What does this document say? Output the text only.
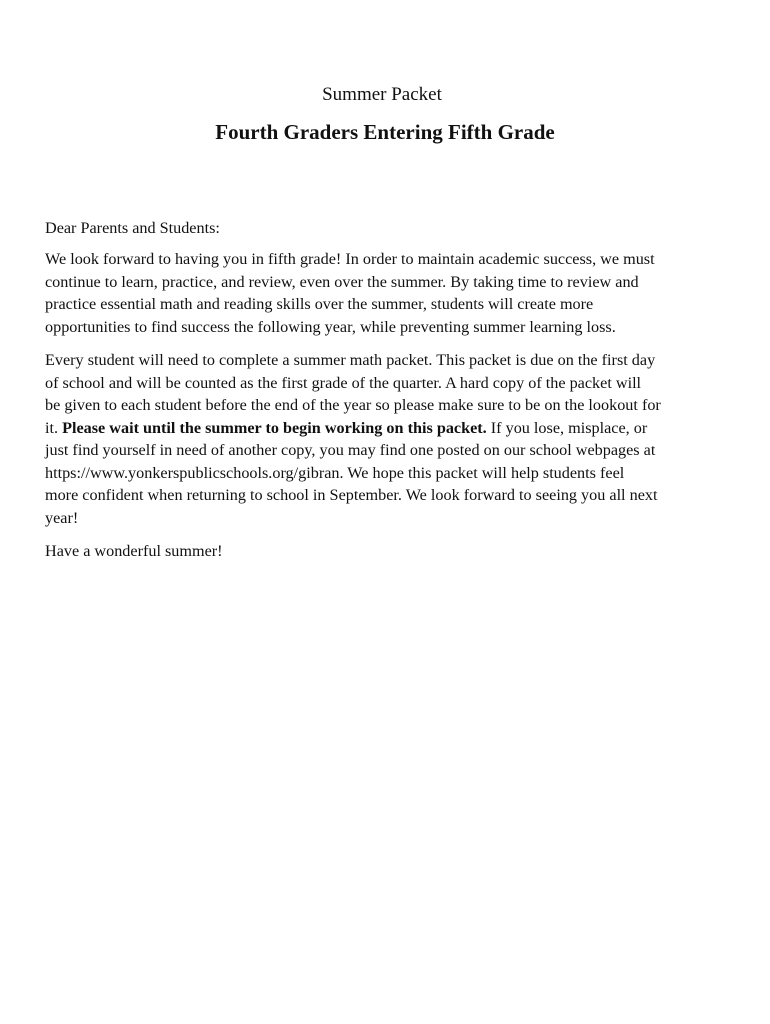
Summer Packet
Fourth Graders Entering Fifth Grade
Dear Parents and Students:
We look forward to having you in fifth grade! In order to maintain academic success, we must
continue to learn, practice, and review, even over the summer. By taking time to review and
practice essential math and reading skills over the summer, students will create more
opportunities to find success the following year, while preventing summer learning loss.
Every student will need to complete a summer math packet. This packet is due on the first day
of school and will be counted as the first grade of the quarter. A hard copy of the packet will
be given to each student before the end of the year so please make sure to be on the lookout for
it. Please wait until the summer to begin working on this packet. If you lose, misplace, or
just find yourself in need of another copy, you may find one posted on our school webpages at
https://www.yonkerspublicschools.org/gibran. We hope this packet will help students feel
more confident when returning to school in September. We look forward to seeing you all next
year!
Have a wonderful summer!
